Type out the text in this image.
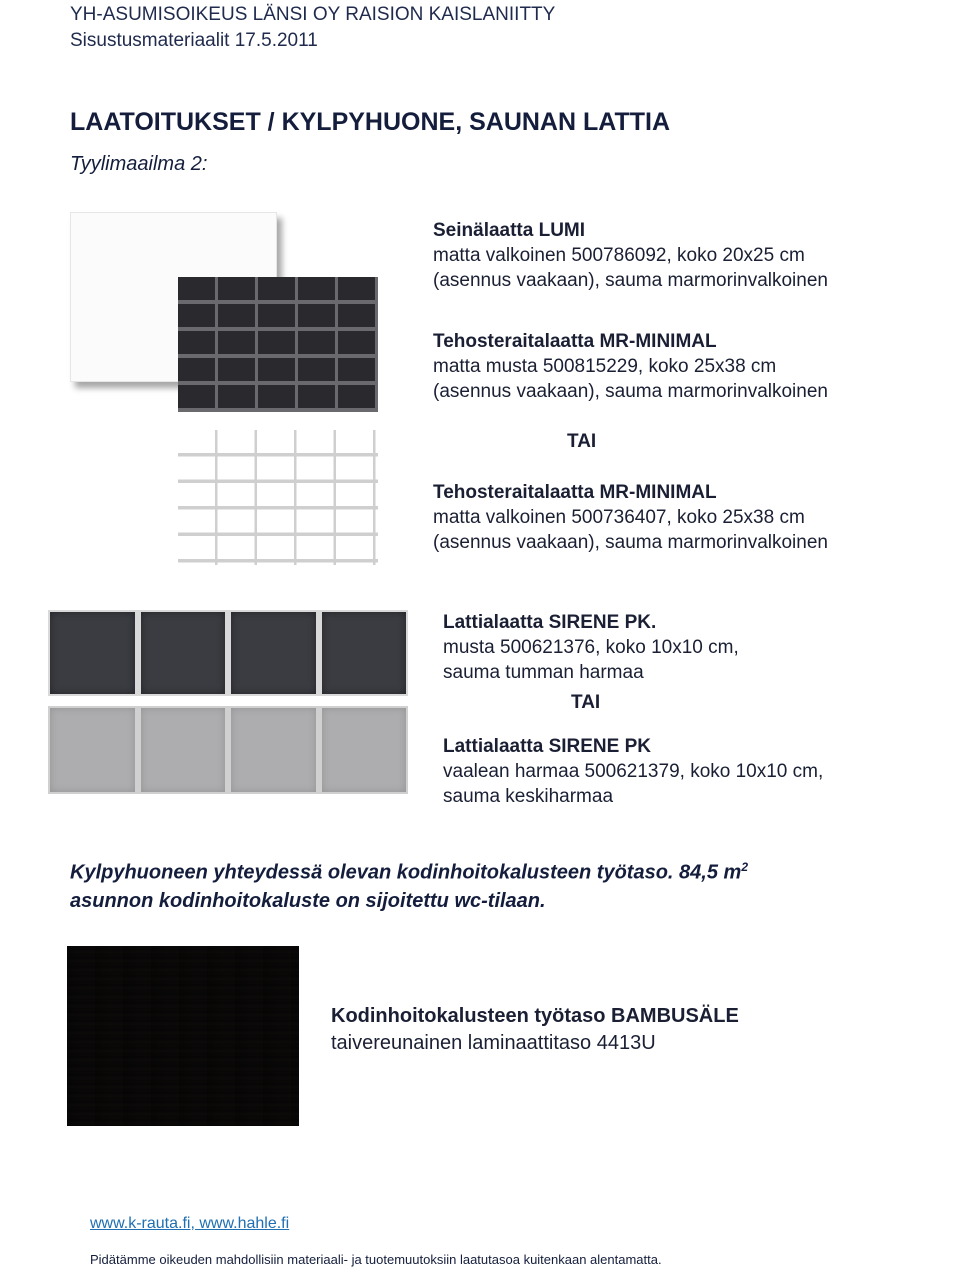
YH-ASUMISOIKEUS LÄNSI OY RAISION KAISLANIITTY
Sisustusmateriaalit 17.5.2011
LAATOITUKSET / KYLPYHUONE, SAUNAN LATTIA
Tyylimaailma 2:
Seinälaatta LUMI
matta valkoinen 500786092, koko 20x25 cm
(asennus vaakaan), sauma marmorinvalkoinen
Tehosteraitalaatta MR-MINIMAL
matta musta 500815229, koko 25x38 cm
(asennus vaakaan), sauma marmorinvalkoinen
TAI
Tehosteraitalaatta MR-MINIMAL
matta valkoinen 500736407, koko 25x38 cm
(asennus vaakaan), sauma marmorinvalkoinen
Lattialaatta SIRENE PK.
musta 500621376, koko 10x10 cm,
sauma tumman harmaa
TAI
Lattialaatta SIRENE PK
vaalean harmaa 500621379, koko 10x10 cm,
sauma keskiharmaa
Kylpyhuoneen yhteydessä olevan kodinhoitokalusteen työtaso. 84,5 $m^2$
asunnon kodinhoitokaluste on sijoitettu wc-tilaan.
Kodinhoitokalusteen työtaso BAMBUSÄLE
taivereunainen laminaattitaso 4413U
www.k-rauta.fi, www.hahle.fi
Pidätämme oikeuden mahdollisiin materiaali- ja tuotemuutoksiin laatutasoa kuitenkaan alentamatta.
